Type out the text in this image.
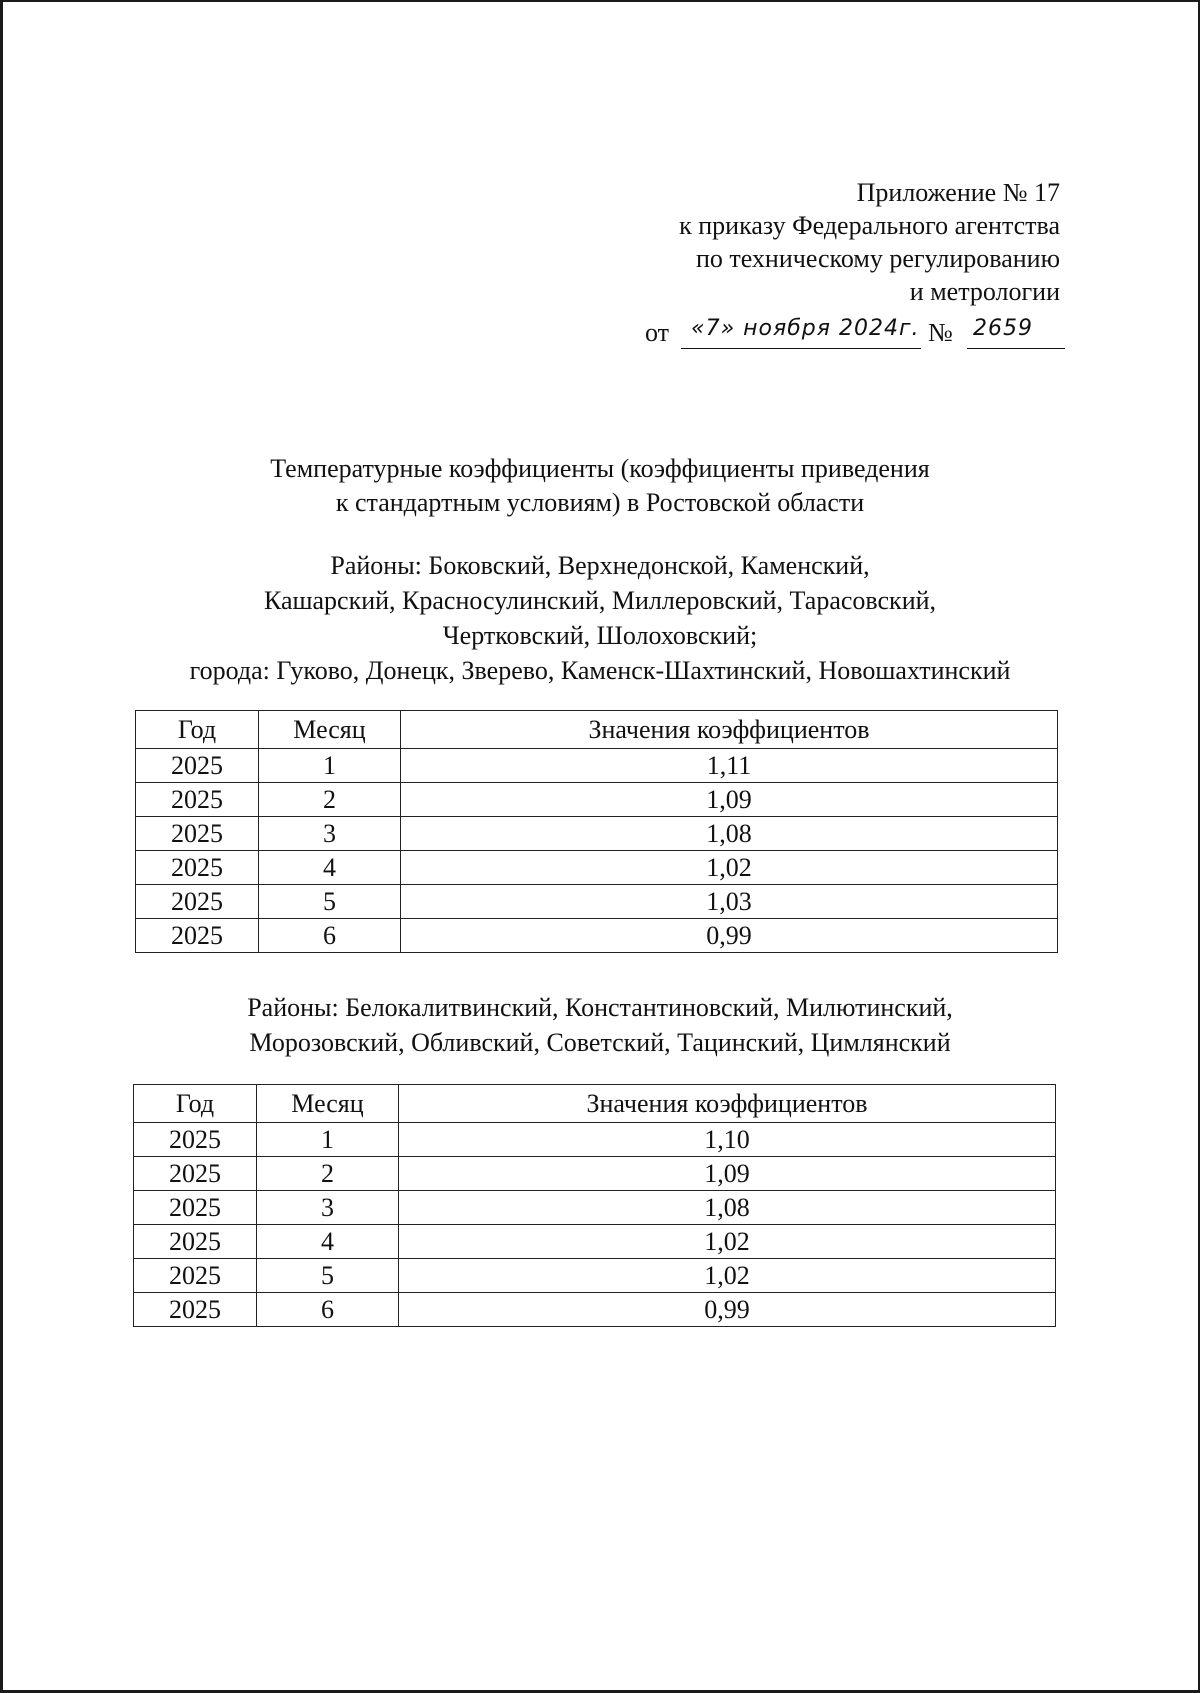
Приложение № 17
к приказу Федерального агентства
по техническому регулированию
и метрологии
от «7» ноября 2024г. № 2659
Температурные коэффициенты (коэффициенты приведения
к стандартным условиям) в Ростовской области
Районы: Боковский, Верхнедонской, Каменский,
Кашарский, Красносулинский, Миллеровский, Тарасовский,
Чертковский, Шолоховский;
города: Гуково, Донецк, Зверево, Каменск-Шахтинский, Новошахтинский
Год	Месяц	Значения коэффициентов
2025	1	1,11
2025	2	1,09
2025	3	1,08
2025	4	1,02
2025	5	1,03
2025	6	0,99
Районы: Белокалитвинский, Константиновский, Милютинский,
Морозовский, Обливский, Советский, Тацинский, Цимлянский
Год	Месяц	Значения коэффициентов
2025	1	1,10
2025	2	1,09
2025	3	1,08
2025	4	1,02
2025	5	1,02
2025	6	0,99
